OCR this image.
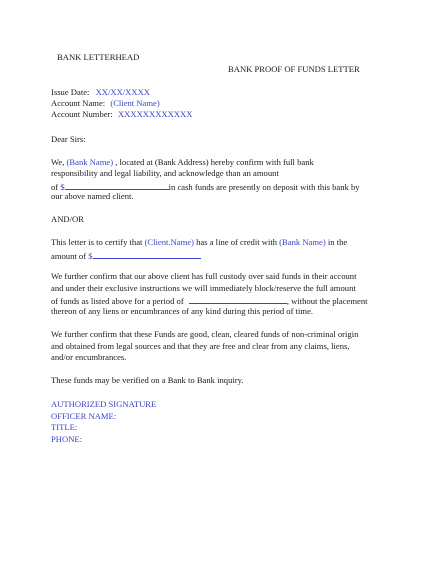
BANK LETTERHEAD
BANK PROOF OF FUNDS LETTER
Issue Date: XX/XX/XXXX
Account Name: (Client Name)
Account Number: XXXXXXXXXXXX
Dear Sirs:
We, (Bank Name) , located at (Bank Address) hereby confirm with full bank
responsibility and legal liability, and acknowledge than an amount
of $	in cash funds are presently on deposit with this bank by
our above named client.
AND/OR
This letter is to certify that (Client.Name) has a line of credit with (Bank Name) in the
amount of $
We further confirm that our above client has full custody over said funds in their account
and under their exclusive instructions we will immediately block/reserve the full amount
of funds as listed above for a period of	, without the placement
thereon of any liens or encumbrances of any kind during this period of time.
We further confirm that these Funds are good, clean, cleared funds of non-criminal origin
and obtained from legal sources and that they are free and clear from any claims, liens,
and/or encumbrances.
These funds may be verified on a Bank to Bank inquiry.
AUTHORIZED SIGNATURE
OFFICER NAME:
TITLE:
PHONE:
